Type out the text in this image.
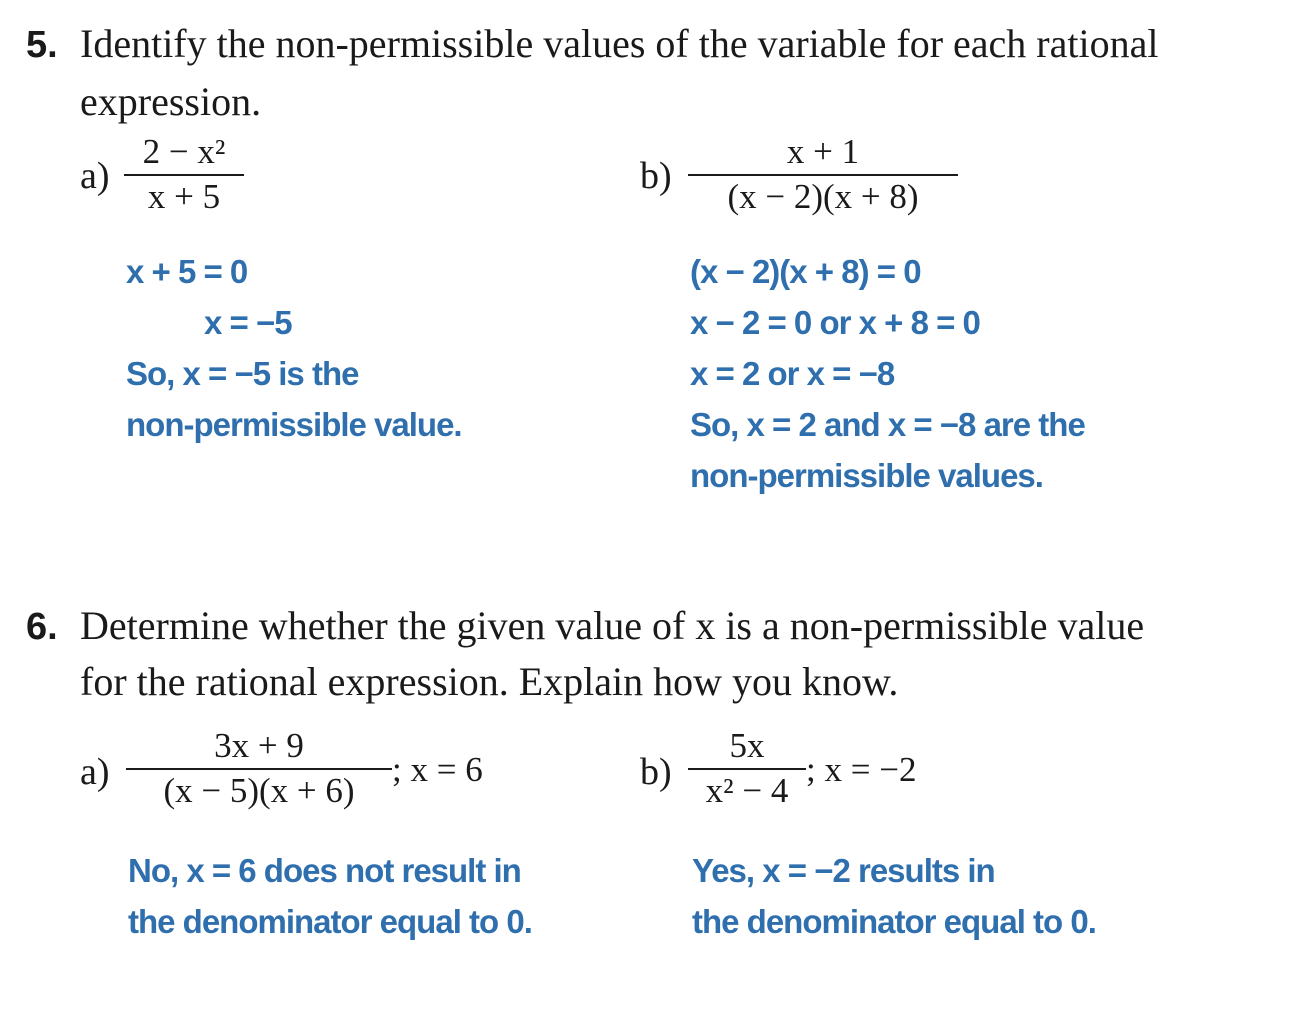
5. Identify the non-permissible values of the variable for each rational
expression.
a)
2 − x²
x + 5
x + 5 = 0
x = −5
So, x = −5 is the
non-permissible value.
b)
x + 1
(x − 2)(x + 8)
(x − 2)(x + 8) = 0
x − 2 = 0 or x + 8 = 0
x = 2 or x = −8
So, x = 2 and x = −8 are the
non-permissible values.
6. Determine whether the given value of x is a non-permissible value
for the rational expression. Explain how you know.
a)
3x + 9
(x − 5)(x + 6)
; x = 6
No, x = 6 does not result in
the denominator equal to 0.
b)
5x
x² − 4
; x = −2
Yes, x = −2 results in
the denominator equal to 0.
